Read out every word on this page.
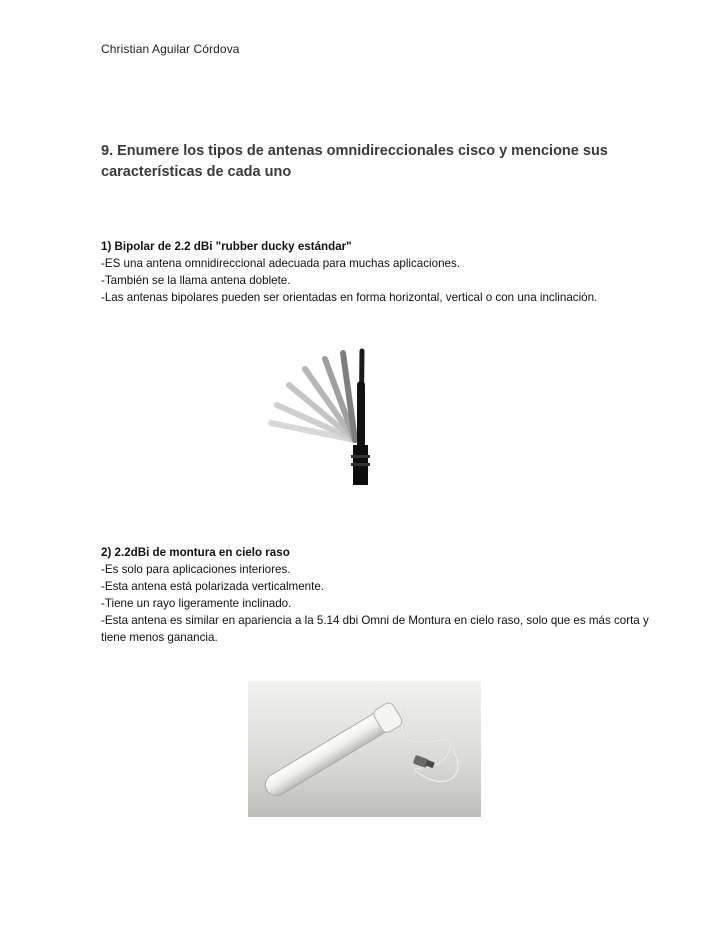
Christian Aguilar Córdova
9. Enumere los tipos de antenas omnidireccionales cisco y mencione sus características de cada uno
1) Bipolar de 2.2 dBi "rubber ducky estándar"
-ES una antena omnidireccional adecuada para muchas aplicaciones.
-También se la llama antena doblete.
-Las antenas bipolares pueden ser orientadas en forma horizontal, vertical o con una inclinación.
2) 2.2dBi de montura en cielo raso
-Es solo para aplicaciones interiores.
-Esta antena está polarizada verticalmente.
-Tiene un rayo ligeramente inclinado.
-Esta antena es similar en apariencia a la 5.14 dbi Omni de Montura en cielo raso, solo que es más corta y tiene menos ganancia.
